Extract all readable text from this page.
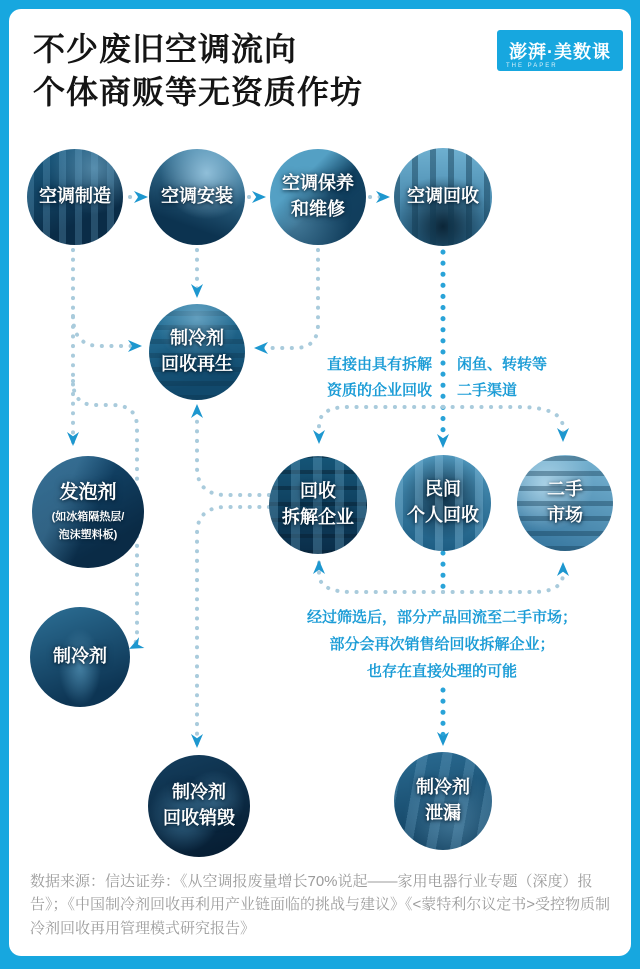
不少废旧空调流向
个体商贩等无资质作坊
澎湃·美数课
THE PAPER
空调制造	空调安装
空调保养
和维修
空调回收
制冷剂
回收再生
发泡剂
(如冰箱隔热层/
泡沫塑料板)
制冷剂
回收
拆解企业
民间
个人回收
二手
市场
制冷剂
回收销毁
制冷剂
泄漏
直接由具有拆解
资质的企业回收
闲鱼、转转等
二手渠道
经过筛选后，部分产品回流至二手市场；
部分会再次销售给回收拆解企业；
也存在直接处理的可能
数据来源：信达证券：《从空调报废量增长70%说起——家用电器行业专题（深度）报告》；《中国制冷剂回收再利用产业链面临的挑战与建议》《<蒙特利尔议定书>受控物质制冷剂回收再用管理模式研究报告》
